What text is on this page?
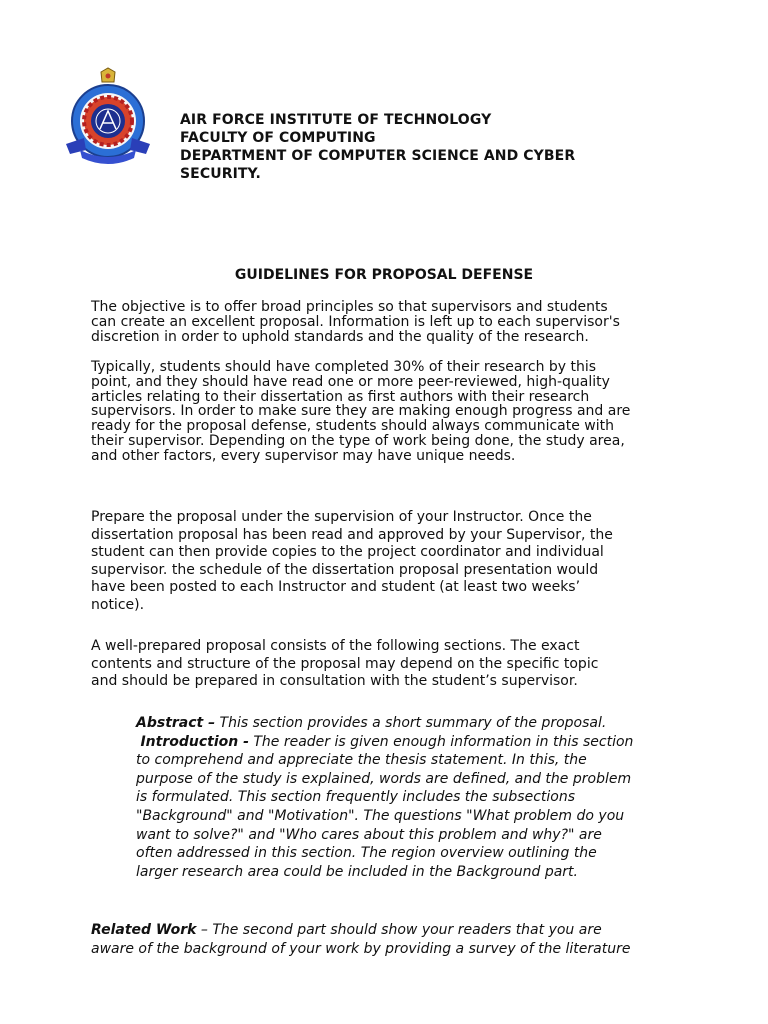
AIR FORCE INSTITUTE OF TECHNOLOGY
FACULTY OF COMPUTING
DEPARTMENT OF COMPUTER SCIENCE AND CYBER
SECURITY.
GUIDELINES FOR PROPOSAL DEFENSE
The objective is to offer broad principles so that supervisors and students
can create an excellent proposal. Information is left up to each supervisor's
discretion in order to uphold standards and the quality of the research.
Typically, students should have completed 30% of their research by this
point, and they should have read one or more peer-reviewed, high-quality
articles relating to their dissertation as first authors with their research
supervisors. In order to make sure they are making enough progress and are
ready for the proposal defense, students should always communicate with
their supervisor. Depending on the type of work being done, the study area,
and other factors, every supervisor may have unique needs.
Prepare the proposal under the supervision of your Instructor. Once the
dissertation proposal has been read and approved by your Supervisor, the
student can then provide copies to the project coordinator and individual
supervisor. the schedule of the dissertation proposal presentation would
have been posted to each Instructor and student (at least two weeks’
notice).
A well-prepared proposal consists of the following sections. The exact
contents and structure of the proposal may depend on the specific topic
and should be prepared in consultation with the student’s supervisor.
Abstract – This section provides a short summary of the proposal.
Introduction - The reader is given enough information in this section
to comprehend and appreciate the thesis statement. In this, the
purpose of the study is explained, words are defined, and the problem
is formulated. This section frequently includes the subsections
"Background" and "Motivation". The questions "What problem do you
want to solve?" and "Who cares about this problem and why?" are
often addressed in this section. The region overview outlining the
larger research area could be included in the Background part.
Related Work – The second part should show your readers that you are
aware of the background of your work by providing a survey of the literature
